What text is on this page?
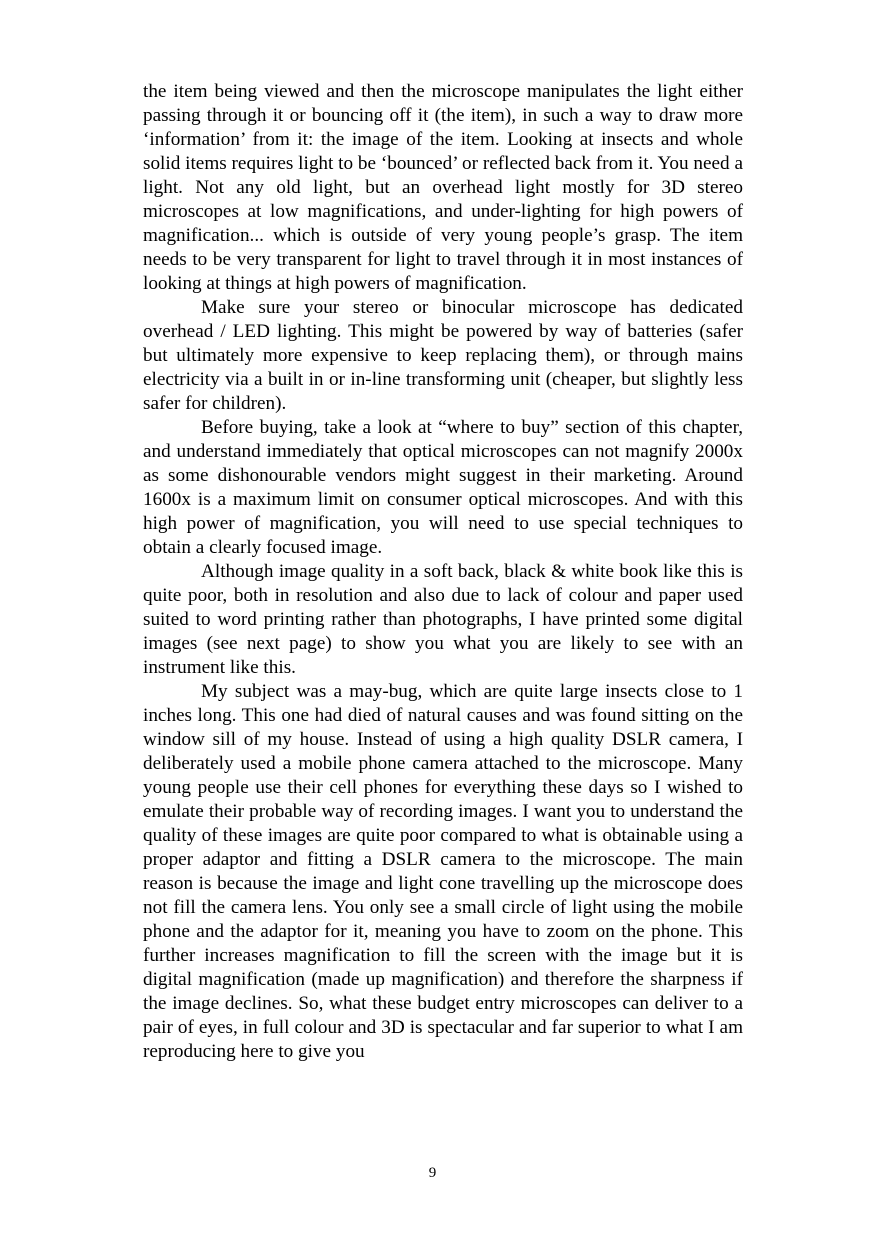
the item being viewed and then the microscope manipulates the light either passing through it or bouncing off it (the item), in such a way to draw more ‘information’ from it: the image of the item. Looking at insects and whole solid items requires light to be ‘bounced’ or reflected back from it. You need a light. Not any old light, but an overhead light mostly for 3D stereo microscopes at low magnifications, and under-lighting for high powers of magnification... which is outside of very young people’s grasp. The item needs to be very transparent for light to travel through it in most instances of looking at things at high powers of magnification.

Make sure your stereo or binocular microscope has dedicated overhead / LED lighting. This might be powered by way of batteries (safer but ultimately more expensive to keep replacing them), or through mains electricity via a built in or in-line transforming unit (cheaper, but slightly less safer for children).

Before buying, take a look at “where to buy” section of this chapter, and understand immediately that optical microscopes can not magnify 2000x as some dishonourable vendors might suggest in their marketing. Around 1600x is a maximum limit on consumer optical microscopes. And with this high power of magnification, you will need to use special techniques to obtain a clearly focused image.

Although image quality in a soft back, black & white book like this is quite poor, both in resolution and also due to lack of colour and paper used suited to word printing rather than photographs, I have printed some digital images (see next page) to show you what you are likely to see with an instrument like this.

My subject was a may-bug, which are quite large insects close to 1 inches long. This one had died of natural causes and was found sitting on the window sill of my house. Instead of using a high quality DSLR camera, I deliberately used a mobile phone camera attached to the microscope. Many young people use their cell phones for everything these days so I wished to emulate their probable way of recording images. I want you to understand the quality of these images are quite poor compared to what is obtainable using a proper adaptor and fitting a DSLR camera to the microscope. The main reason is because the image and light cone travelling up the microscope does not fill the camera lens. You only see a small circle of light using the mobile phone and the adaptor for it, meaning you have to zoom on the phone. This further increases magnification to fill the screen with the image but it is digital magnification (made up magnification) and therefore the sharpness if the image declines. So, what these budget entry microscopes can deliver to a pair of eyes, in full colour and 3D is spectacular and far superior to what I am reproducing here to give you

9
